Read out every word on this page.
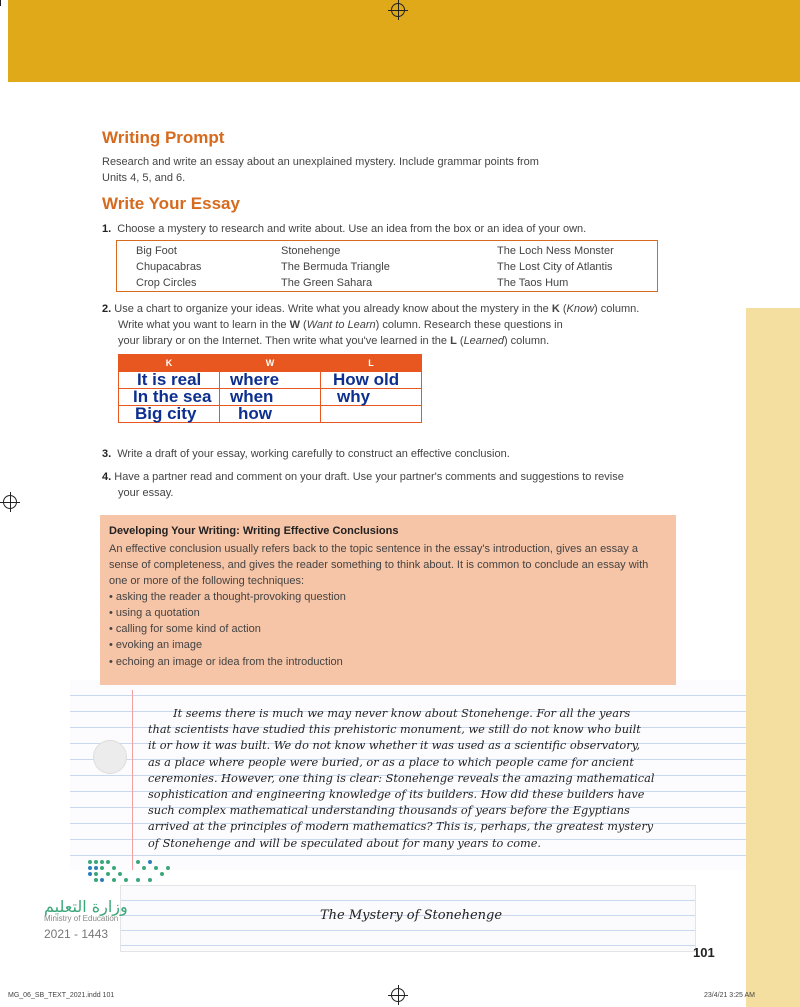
Writing Prompt
Research and write an essay about an unexplained mystery. Include grammar points from
Units 4, 5, and 6.
Write Your Essay
1. Choose a mystery to research and write about. Use an idea from the box or an idea of your own.
Big Foot	Stonehenge	The Loch Ness Monster
Chupacabras	The Bermuda Triangle	The Lost City of Atlantis
Crop Circles	The Green Sahara	The Taos Hum
2. Use a chart to organize your ideas. Write what you already know about the mystery in the K (Know) column.
Write what you want to learn in the W (Want to Learn) column. Research these questions in
your library or on the Internet. Then write what you've learned in the L (Learned) column.
K	W	L
It is real	where	How old
In the sea	when	why
Big city	how	
3. Write a draft of your essay, working carefully to construct an effective conclusion.
4. Have a partner read and comment on your draft. Use your partner's comments and suggestions to revise
your essay.
Developing Your Writing: Writing Effective Conclusions
An effective conclusion usually refers back to the topic sentence in the essay's introduction, gives an essay a sense of completeness, and gives the reader something to think about. It is common to conclude an essay with one or more of the following techniques:
• asking the reader a thought-provoking question
• using a quotation
• calling for some kind of action
• evoking an image
• echoing an image or idea from the introduction
It seems there is much we may never know about Stonehenge. For all the years
that scientists have studied this prehistoric monument, we still do not know who built
it or how it was built. We do not know whether it was used as a scientific observatory,
as a place where people were buried, or as a place to which people came for ancient
ceremonies. However, one thing is clear: Stonehenge reveals the amazing mathematical
sophistication and engineering knowledge of its builders. How did these builders have
such complex mathematical understanding thousands of years before the Egyptians
arrived at the principles of modern mathematics? This is, perhaps, the greatest mystery
of Stonehenge and will be speculated about for many years to come.
The Mystery of Stonehenge
وزارة التعليم
Ministry of Education
2021 - 1443
101
MG_06_SB_TEXT_2021.indd 101	23/4/21 3:25 AM
